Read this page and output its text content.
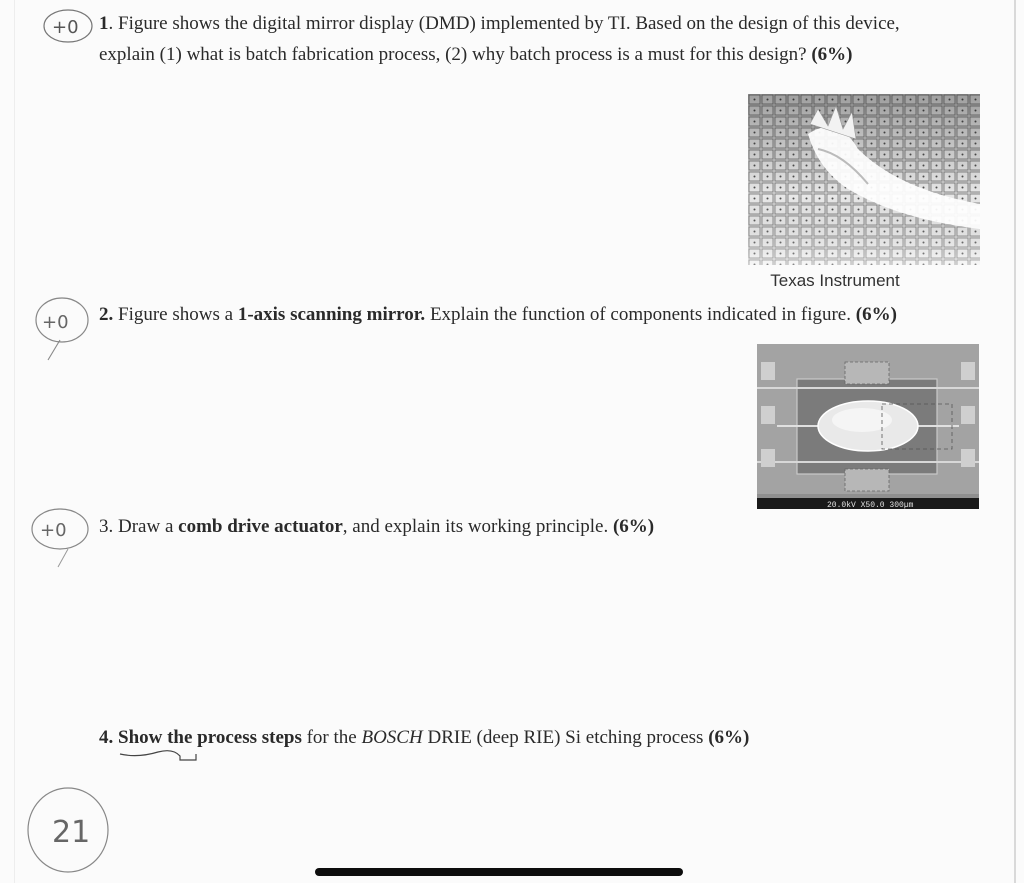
1. Figure shows the digital mirror display (DMD) implemented by TI. Based on the design of this device,
explain (1) what is batch fabrication process, (2) why batch process is a must for this design? (6%)
Texas Instrument
2. Figure shows a 1-axis scanning mirror. Explain the function of components indicated in figure. (6%)
20.0kV X50.0 300µm
3. Draw a comb drive actuator, and explain its working principle. (6%)
4. Show the process steps for the BOSCH DRIE (deep RIE) Si etching process (6%)
+0
+0
+0
21
